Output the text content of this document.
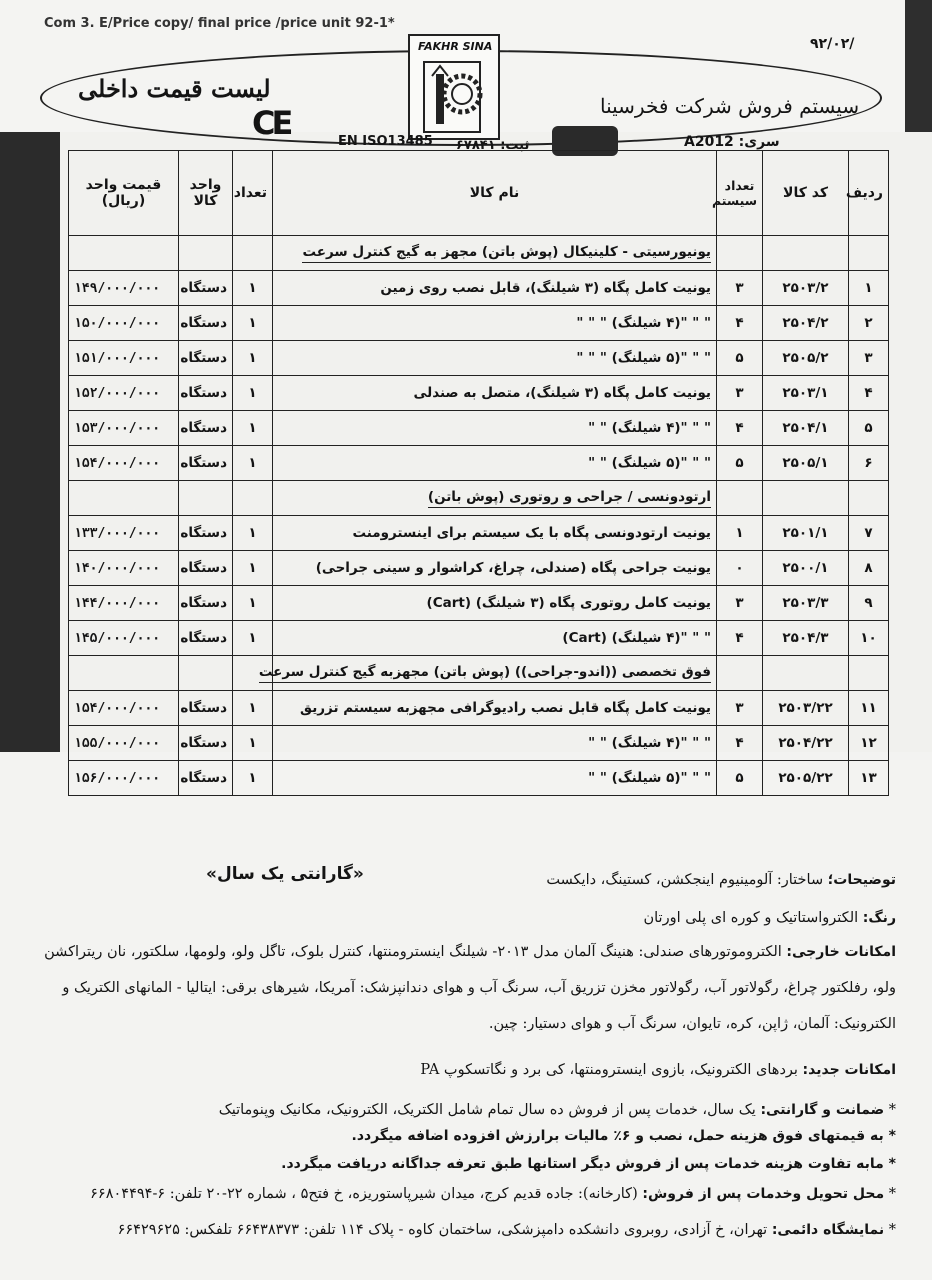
Com 3. E/Price copy/ final price /price unit 92-1*
۹۲/۰۲/
لیست قیمت داخلی
سیستم فروش شرکت فخرسینا
FAKHR SINA
CE	EN ISO13485 ثبت: ۶۷۸۴۱	سری: A2012
ردیف	کد کالا	تعداد سیستم	نام کالا	تعداد	واحد کالا	قیمت واحد (ریال)
			یونیورسیتی - کلینیکال (پوش باتن) مجهز به گیج کنترل سرعت			
۱	۲۵۰۳/۲	۳	یونیت کامل پگاه (۳ شیلنگ)، قابل نصب روی زمین	۱	دستگاه	۱۴۹/۰۰۰/۰۰۰
۲	۲۵۰۴/۲	۴	" " "(۴ شیلنگ) " " "	۱	دستگاه	۱۵۰/۰۰۰/۰۰۰
۳	۲۵۰۵/۲	۵	" " "(۵ شیلنگ) " " "	۱	دستگاه	۱۵۱/۰۰۰/۰۰۰
۴	۲۵۰۳/۱	۳	یونیت کامل پگاه (۳ شیلنگ)، متصل به صندلی	۱	دستگاه	۱۵۲/۰۰۰/۰۰۰
۵	۲۵۰۴/۱	۴	" " "(۴ شیلنگ) " "	۱	دستگاه	۱۵۳/۰۰۰/۰۰۰
۶	۲۵۰۵/۱	۵	" " "(۵ شیلنگ) " "	۱	دستگاه	۱۵۴/۰۰۰/۰۰۰
			ارتودونسی / جراحی و روتوری (پوش باتن)			
۷	۲۵۰۱/۱	۱	یونیت ارتودونسی پگاه با یک سیستم برای اینسترومنت	۱	دستگاه	۱۳۳/۰۰۰/۰۰۰
۸	۲۵۰۰/۱	۰	یونیت جراحی پگاه (صندلی، چراغ، کراشوار و سینی جراحی)	۱	دستگاه	۱۴۰/۰۰۰/۰۰۰
۹	۲۵۰۳/۳	۳	یونیت کامل روتوری پگاه (۳ شیلنگ) (Cart)	۱	دستگاه	۱۴۴/۰۰۰/۰۰۰
۱۰	۲۵۰۴/۳	۴	" " "(۴ شیلنگ) (Cart)	۱	دستگاه	۱۴۵/۰۰۰/۰۰۰
			فوق تخصصی ((اندو-جراحی)) (پوش باتن) مجهزبه گیج کنترل سرعت			
۱۱	۲۵۰۳/۲۲	۳	یونیت کامل پگاه قابل نصب رادیوگرافی مجهزبه سیستم تزریق	۱	دستگاه	۱۵۴/۰۰۰/۰۰۰
۱۲	۲۵۰۴/۲۲	۴	" " "(۴ شیلنگ) " "	۱	دستگاه	۱۵۵/۰۰۰/۰۰۰
۱۳	۲۵۰۵/۲۲	۵	" " "(۵ شیلنگ) " "	۱	دستگاه	۱۵۶/۰۰۰/۰۰۰
«گارانتی یک سال»	توضیحات؛ ساختار: آلومینیوم اینجکشن، کستینگ، دایکست
رنگ: الکترواستاتیک و کوره ای پلی اورتان
امکانات خارجی: الکتروموتورهای صندلی: هنینگ آلمان مدل ۲۰۱۳- شیلنگ اینسترومنتها، کنترل بلوک، تاگل ولو، ولومها، سلکتور، نان ریتراکشن ولو، رفلکتور چراغ، رگولاتور آب، رگولاتور مخزن تزریق آب، سرنگ آب و هوای دندانپزشک: آمریکا، شیرهای برقی: ایتالیا - المانهای الکتریک و الکترونیک: آلمان، ژاپن، کره، تایوان، سرنگ آب و هوای دستیار: چین.
امکانات جدید: بردهای الکترونیک، بازوی اینسترومنتها، کی برد و نگاتسکوپ PA
* ضمانت و گارانتی: یک سال، خدمات پس از فروش ده سال تمام شامل الکتریک، الکترونیک، مکانیک وپنوماتیک
* به قیمتهای فوق هزینه حمل، نصب و ۶٪ مالیات برارزش افزوده اضافه میگردد.
* مابه تفاوت هزینه خدمات پس از فروش دیگر استانها طبق تعرفه جداگانه دریافت میگردد.
* محل تحویل وخدمات پس از فروش: (کارخانه): جاده قدیم کرج، میدان شیرپاستوریزه، خ فتح۵ ، شماره ۲۲-۲۰ تلفن: ۶-۶۶۸۰۴۴۹۴
* نمایشگاه دائمی: تهران، خ آزادی، روبروی دانشکده دامپزشکی، ساختمان کاوه - پلاک ۱۱۴ تلفن: ۶۶۴۳۸۳۷۳ تلفکس: ۶۶۴۲۹۶۲۵
